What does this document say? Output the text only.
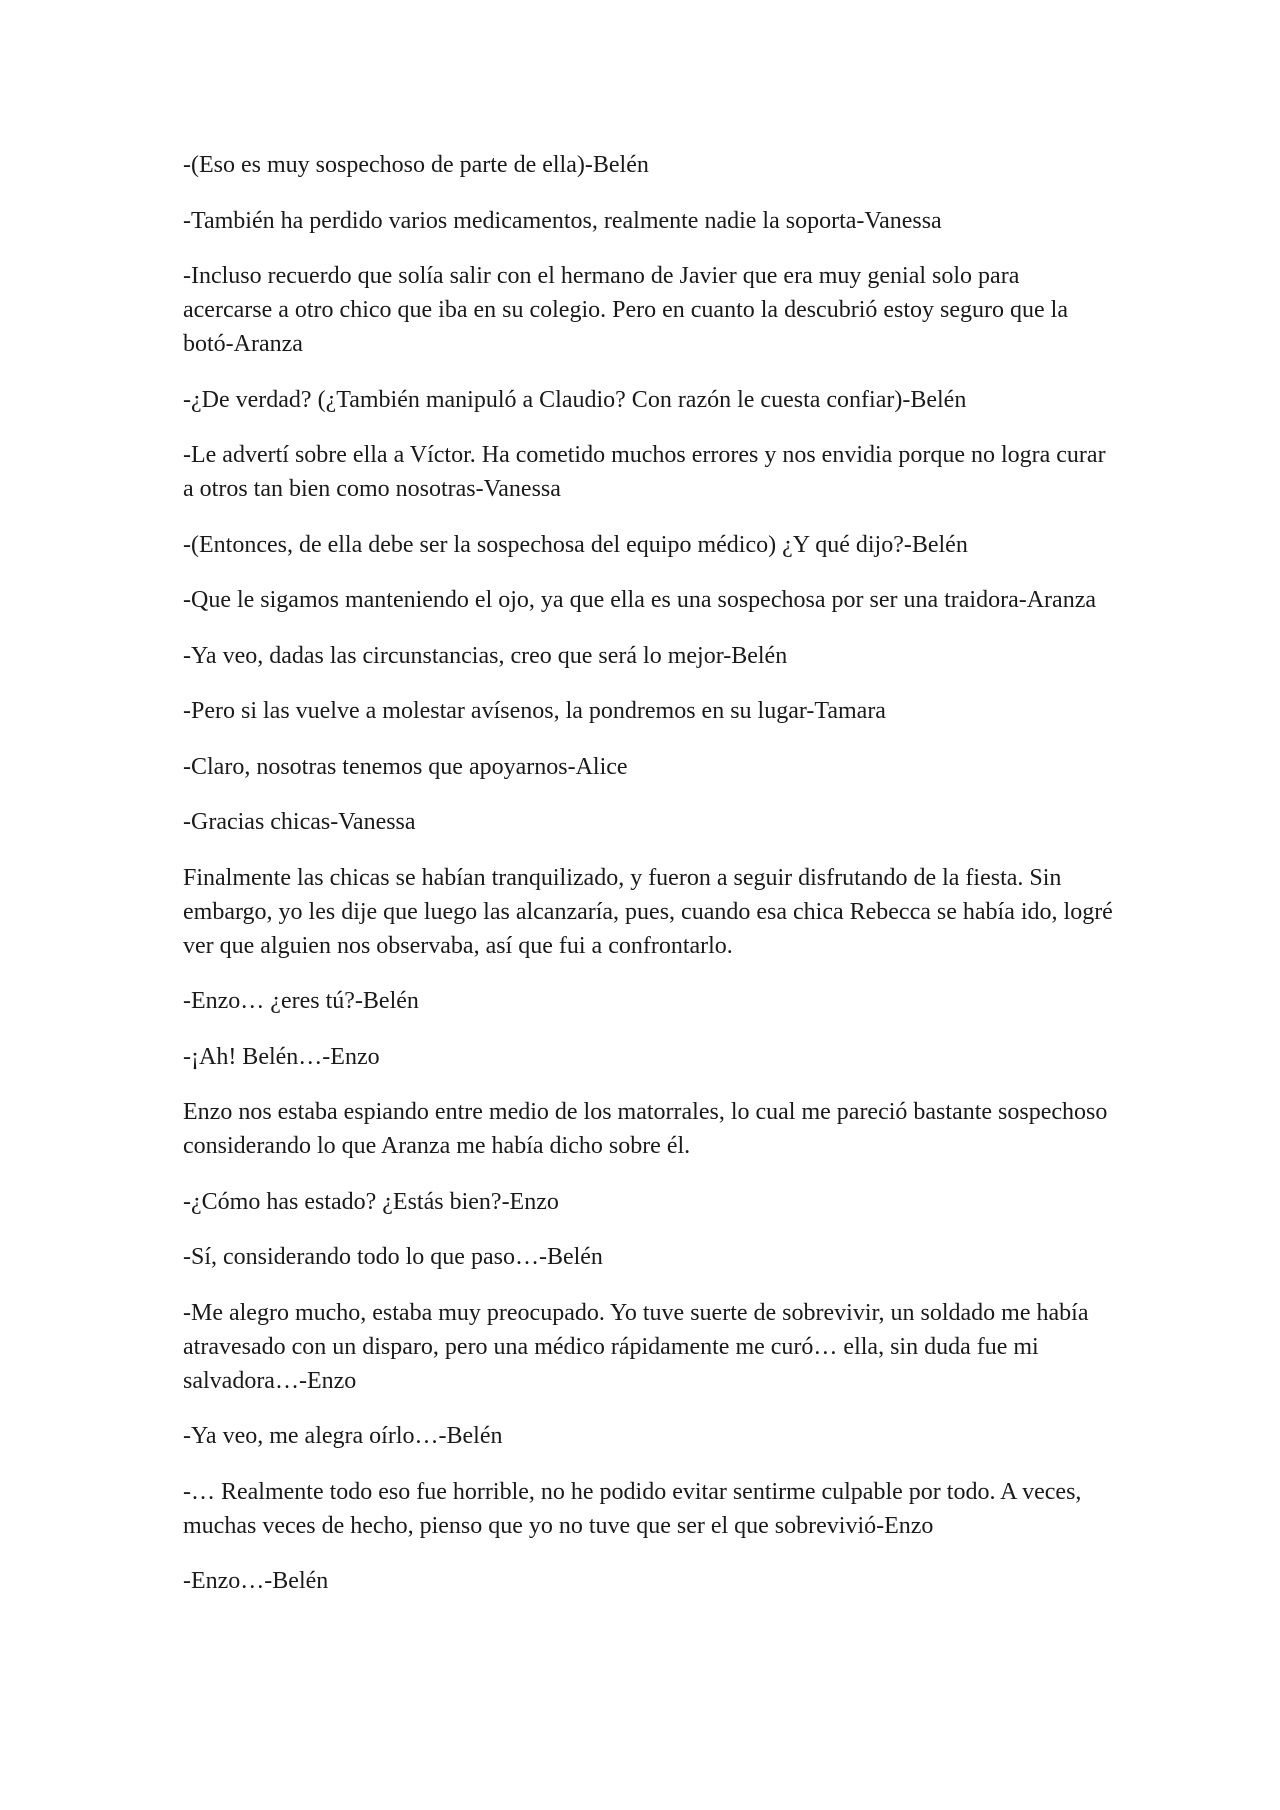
-(Eso es muy sospechoso de parte de ella)-Belén

-También ha perdido varios medicamentos, realmente nadie la soporta-Vanessa

-Incluso recuerdo que solía salir con el hermano de Javier que era muy genial solo para acercarse a otro chico que iba en su colegio. Pero en cuanto la descubrió estoy seguro que la botó-Aranza

-¿De verdad? (¿También manipuló a Claudio? Con razón le cuesta confiar)-Belén

-Le advertí sobre ella a Víctor. Ha cometido muchos errores y nos envidia porque no logra curar a otros tan bien como nosotras-Vanessa

-(Entonces, de ella debe ser la sospechosa del equipo médico) ¿Y qué dijo?-Belén

-Que le sigamos manteniendo el ojo, ya que ella es una sospechosa por ser una traidora-Aranza

-Ya veo, dadas las circunstancias, creo que será lo mejor-Belén

-Pero si las vuelve a molestar avísenos, la pondremos en su lugar-Tamara

-Claro, nosotras tenemos que apoyarnos-Alice

-Gracias chicas-Vanessa

Finalmente las chicas se habían tranquilizado, y fueron a seguir disfrutando de la fiesta. Sin embargo, yo les dije que luego las alcanzaría, pues, cuando esa chica Rebecca se había ido, logré ver que alguien nos observaba, así que fui a confrontarlo.

-Enzo… ¿eres tú?-Belén

-¡Ah! Belén…-Enzo

Enzo nos estaba espiando entre medio de los matorrales, lo cual me pareció bastante sospechoso considerando lo que Aranza me había dicho sobre él.

-¿Cómo has estado? ¿Estás bien?-Enzo

-Sí, considerando todo lo que paso…-Belén

-Me alegro mucho, estaba muy preocupado. Yo tuve suerte de sobrevivir, un soldado me había atravesado con un disparo, pero una médico rápidamente me curó… ella, sin duda fue mi salvadora…-Enzo

-Ya veo, me alegra oírlo…-Belén

-… Realmente todo eso fue horrible, no he podido evitar sentirme culpable por todo. A veces, muchas veces de hecho, pienso que yo no tuve que ser el que sobrevivió-Enzo

-Enzo…-Belén
